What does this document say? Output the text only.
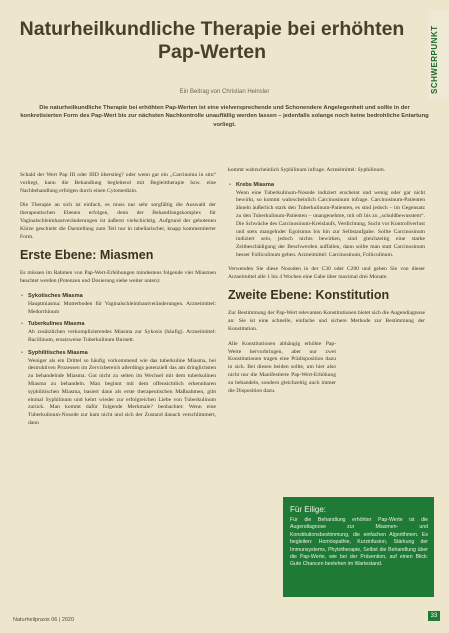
Naturheilkundliche Therapie bei erhöhten Pap-Werten	SCHWERPUNKT
Ein Beitrag von Christian Heinsler
Die naturheilkundliche Therapie bei erhöhten Pap-Werten ist eine vielversprechende und Schonendere Angelegenheit und sollte in der konkretisierten Form des Pap-Wert bis zur nächsten Nachkontrolle unauffällig werden lassen – jedenfalls solange noch keine bedrohliche Entartung vorliegt.

Schald der Wert Pap III oder IIID überstieg? oder wenn gar ein „Carcinoma in situ“ vorliegt, kann die Behandlung begleitend mit Begleittherapie bzw. eine Nachbehandlung erfolgen durch einen Cytomedizin.

Die Therapie an sich ist einfach, es muss nur sehr sorgfältig die Auswahl der therapeutischen Ebenen erfolgen, denn der Behandlungskomplex für Vaginalschleimhautveränderungen ist äußerst vielschichtig. Aufgrund der gebotenen Kürze geschieht die Darstellung zum Teil nur in tabellarischer, knapp kommentierter Form.

Erste Ebene: Miasmen

Es müssen im Rahmen von Pap-Wert-Erhöhungen mindestens folgende vier Miasmen beachtet werden (Potenzen und Dosierung siehe weiter unten):

• Sykotisches Miasma
Hauptmiasma: Mutterboden für Vaginalschleimhautveränderungen. Arzneimittel: Medorrhinum
• Tuberkulines Miasma
Ab zusätzlichen verkomplizierendes Miasma zur Sykosis (häufig). Arzneimittel: Bacillinum, ersatzweise Tuberkulinum Burnett.
• Syphilitisches Miasma
Weniger als ein Drittel so häufig vorkommend wie das tuberkuline Miasma, bei destruktiven Prozessen im Zervixbereich allerdings potenziell das am dringlichsten zu behandelnde Miasma. Gut nicht zu selten im Wechsel mit dem tuberkulinen Miasma zu behandeln. Man beginnt mit dem offensichtlich erkennbaren syphilitischen Miasma, basiert dann als erste therapeutischen Maßnahmen, gibt einmal Syphilinum und kehrt wieder zur erfolgreichen Liebe von Tuberkulinum zurück. Man kommt dafür folgende Merkmale? beobachtet: Wenn eine Tuberkulinum-Nosode zur kam nicht und sich der Zustand danach verschlimmert, dann

kommt wahrscheinlich Syphilinum infrage. Arzneimittel: Syphilinum.

• Krebs Miasma
Wenn eine Tuberkulinum-Nosode indiziert erscheint und wenig oder gar nicht bewirkt, so kommt wahrscheinlich Carcinosinum infrage. Carcinosinum-Patienten ähneln äußerlich stark den Tuberkulinum-Patienten, es sind jedoch – im Gegensatz zu den Tuberkulinum-Patienten – unangenehme, mit oft bis zu „schuldbewusstem“. Die Schwäche des Carcinosinum-Kreislaufs, Verdichtung, Sucht vor Kontrollverlust und stets mangelnder Egoismus bis hin zur Selbstaufgabe. Sollte Carcinosinum indiziert sein, jedoch nichts bewirken, sind gleichzeitig eine starke Zeitbeschädigung der Beschwerden auffallen, dann sollte man statt Carcinosinum besser Folliculinum geben. Arzneimittel: Carcinosinum, Folliculinum.

Verwenden Sie diese Nosoden in der C30 oder C200 und geben Sie von dieser Arzneimittel alle 1 bis 4 Wochen eine Gabe über maximal drei Monate.

Zweite Ebene: Konstitution

Zur Bestimmung der Pap-Wert relevanten Konstitutionen bietet sich die Augendiagnose an: Sie ist eine schnelle, einfache und sichere Methode zur Bestimmung der Konstitution.

Alle Konstitutionen abhängig erhöhte Pap-Werte hervorbringen, aber nur zwei Konstitutionen tragen eine Prädisposition dazu in sich. Bei diesen beiden sollte, um hier also nicht nur die Manifestierte Pap-Wert-Erhöhung zu behandeln, sondern gleichzeitig auch immer die Disposition dazu.

Für Eilige:
Für die Behandlung erhöhter Pap-Werte ist die Augendiagnose zur Miasmen- und Konstitutionsbestimmung, die einfachen Algorithmen. Es begleiten: Homöopathie, Kurzinfusion, Stärkung der Immunsystems, Phytotherapie, Selbst die Behandlung über die Pap-Werte, wie bei der Prävention, auf einen Blick: Gute Chancen bestehen im Wartestand.
Naturheilpraxis 06 | 2020
33
